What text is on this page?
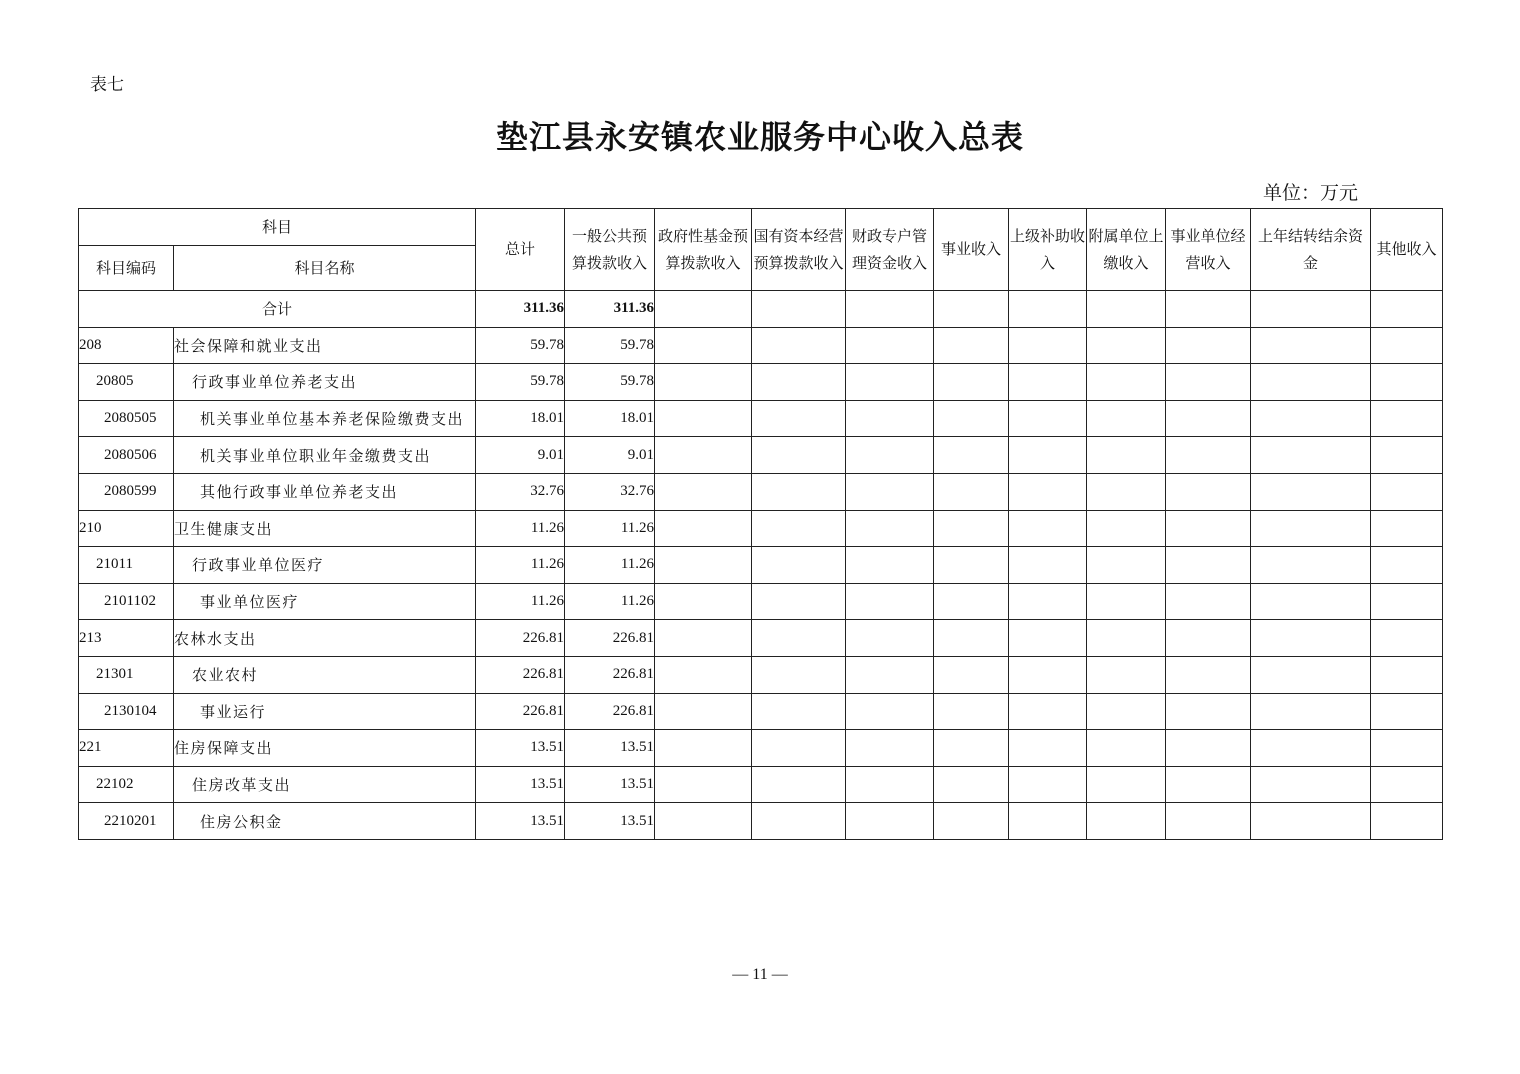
表七
垫江县永安镇农业服务中心收入总表
单位：万元
科目		总计	一般公共预算拨款收入	政府性基金预算拨款收入	国有资本经营预算拨款收入	财政专户管理资金收入	事业收入	上级补助收入	附属单位上缴收入	事业单位经营收入	上年结转结余资金	其他收入
科目编码	科目名称											
合计		311.36	311.36									
208	社会保障和就业支出	59.78	59.78									
20805	行政事业单位养老支出	59.78	59.78									
2080505	机关事业单位基本养老保险缴费支出	18.01	18.01									
2080506	机关事业单位职业年金缴费支出	9.01	9.01									
2080599	其他行政事业单位养老支出	32.76	32.76									
210	卫生健康支出	11.26	11.26									
21011	行政事业单位医疗	11.26	11.26									
2101102	事业单位医疗	11.26	11.26									
213	农林水支出	226.81	226.81									
21301	农业农村	226.81	226.81									
2130104	事业运行	226.81	226.81									
221	住房保障支出	13.51	13.51									
22102	住房改革支出	13.51	13.51									
2210201	住房公积金	13.51	13.51									
— 11 —
